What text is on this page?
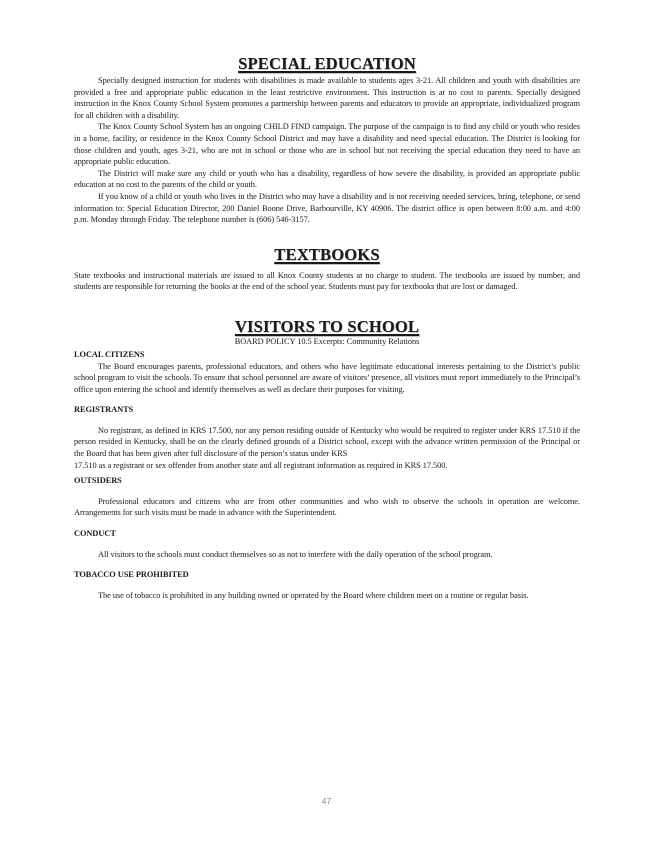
SPECIAL EDUCATION

Specially designed instruction for students with disabilities is made available to students ages 3-21. All children and youth with disabilities are provided a free and appropriate public education in the least restrictive environment. This instruction is at no cost to parents. Specially designed instruction in the Knox County School System promotes a partnership between parents and educators to provide an appropriate, individualized program for all children with a disability.

The Knox County School System has an ongoing CHILD FIND campaign. The purpose of the campaign is to find any child or youth who resides in a home, facility, or residence in the Knox County School District and may have a disability and need special education. The District is looking for those children and youth, ages 3-21, who are not in school or those who are in school but not receiving the special education they need to have an appropriate public education.

The District will make sure any child or youth who has a disability, regardless of how severe the disability, is provided an appropriate public education at no cost to the parents of the child or youth.

If you know of a child or youth who lives in the District who may have a disability and is not receiving needed services, bring, telephone, or send information to: Special Education Director, 200 Daniel Boone Drive, Barbourville, KY 40906. The district office is open between 8:00 a.m. and 4:00 p.m. Monday through Friday. The telephone number is (606) 546-3157.

TEXTBOOKS

State textbooks and instructional materials are issued to all Knox County students at no charge to student. The textbooks are issued by number, and students are responsible for returning the books at the end of the school year. Students must pay for textbooks that are lost or damaged.

VISITORS TO SCHOOL

BOARD POLICY 10.5 Excerpts: Community Relations

LOCAL CITIZENS

The Board encourages parents, professional educators, and others who have legitimate educational interests pertaining to the District’s public school program to visit the schools. To ensure that school personnel are aware of visitors’ presence, all visitors must report immediately to the Principal’s office upon entering the school and identify themselves as well as declare their purposes for visiting.

REGISTRANTS

No registrant, as defined in KRS 17.500, nor any person residing outside of Kentucky who would be required to register under KRS 17.510 if the person resided in Kentucky, shall be on the clearly defined grounds of a District school, except with the advance written permission of the Principal or the Board that has been given after full disclosure of the person’s status under KRS

17.510 as a registrant or sex offender from another state and all registrant information as required in KRS 17.500.

OUTSIDERS

Professional educators and citizens who are from other communities and who wish to observe the schools in operation are welcome. Arrangements for such visits must be made in advance with the Superintendent.

CONDUCT

All visitors to the schools must conduct themselves so as not to interfere with the daily operation of the school program.

TOBACCO USE PROHIBITED

The use of tobacco is prohibited in any building owned or operated by the Board where children meet on a routine or regular basis.

47
